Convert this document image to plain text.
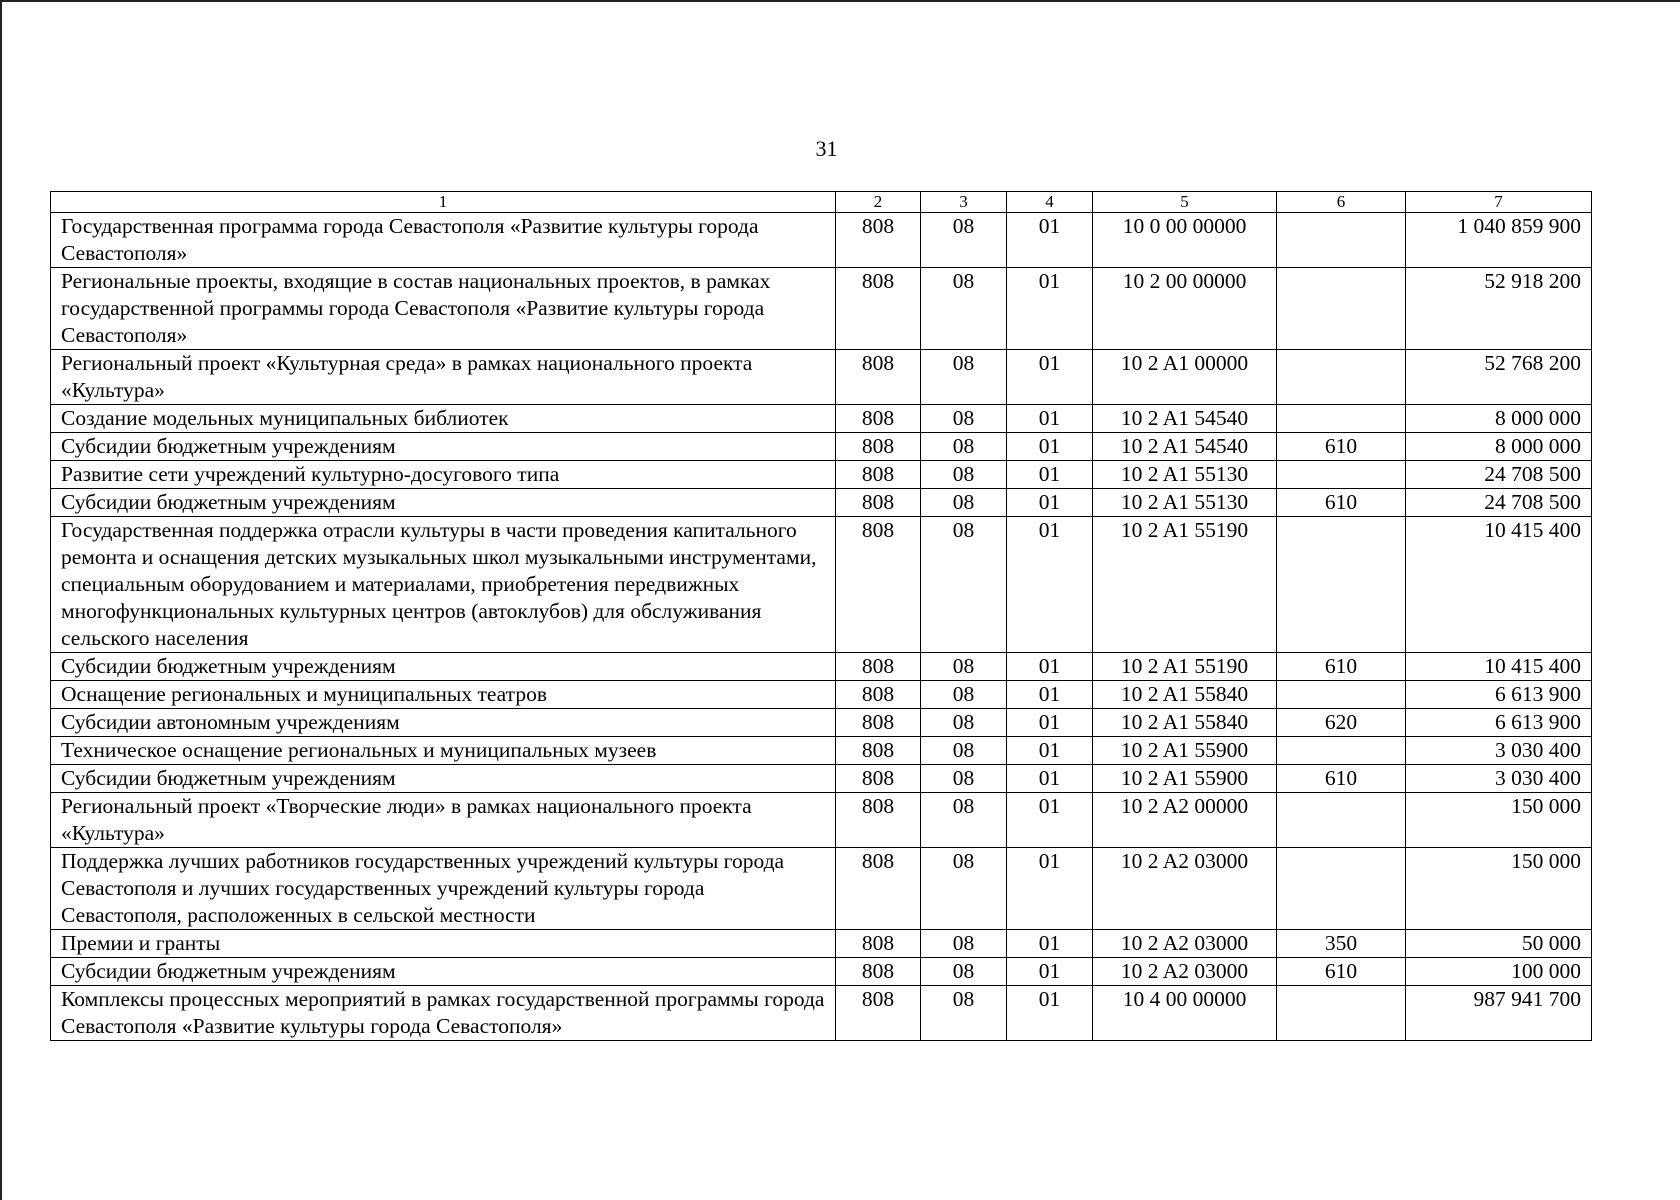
31
1	2	3	4	5	6	7
Государственная программа города Севастополя «Развитие культуры города Севастополя»	808	08	01	10 0 00 00000		1 040 859 900
Региональные проекты, входящие в состав национальных проектов, в рамках государственной программы города Севастополя «Развитие культуры города Севастополя»	808	08	01	10 2 00 00000		52 918 200
Региональный проект «Культурная среда» в рамках национального проекта «Культура»	808	08	01	10 2 A1 00000		52 768 200
Создание модельных муниципальных библиотек	808	08	01	10 2 A1 54540		8 000 000
Субсидии бюджетным учреждениям	808	08	01	10 2 A1 54540	610	8 000 000
Развитие сети учреждений культурно-досугового типа	808	08	01	10 2 A1 55130		24 708 500
Субсидии бюджетным учреждениям	808	08	01	10 2 A1 55130	610	24 708 500
Государственная поддержка отрасли культуры в части проведения капитального ремонта и оснащения детских музыкальных школ музыкальными инструментами, специальным оборудованием и материалами, приобретения передвижных многофункциональных культурных центров (автоклубов) для обслуживания сельского населения	808	08	01	10 2 A1 55190		10 415 400
Субсидии бюджетным учреждениям	808	08	01	10 2 A1 55190	610	10 415 400
Оснащение региональных и муниципальных театров	808	08	01	10 2 A1 55840		6 613 900
Субсидии автономным учреждениям	808	08	01	10 2 A1 55840	620	6 613 900
Техническое оснащение региональных и муниципальных музеев	808	08	01	10 2 A1 55900		3 030 400
Субсидии бюджетным учреждениям	808	08	01	10 2 A1 55900	610	3 030 400
Региональный проект «Творческие люди» в рамках национального проекта «Культура»	808	08	01	10 2 A2 00000		150 000
Поддержка лучших работников государственных учреждений культуры города Севастополя и лучших государственных учреждений культуры города Севастополя, расположенных в сельской местности	808	08	01	10 2 A2 03000		150 000
Премии и гранты	808	08	01	10 2 A2 03000	350	50 000
Субсидии бюджетным учреждениям	808	08	01	10 2 A2 03000	610	100 000
Комплексы процессных мероприятий в рамках государственной программы города Севастополя «Развитие культуры города Севастополя»	808	08	01	10 4 00 00000		987 941 700
